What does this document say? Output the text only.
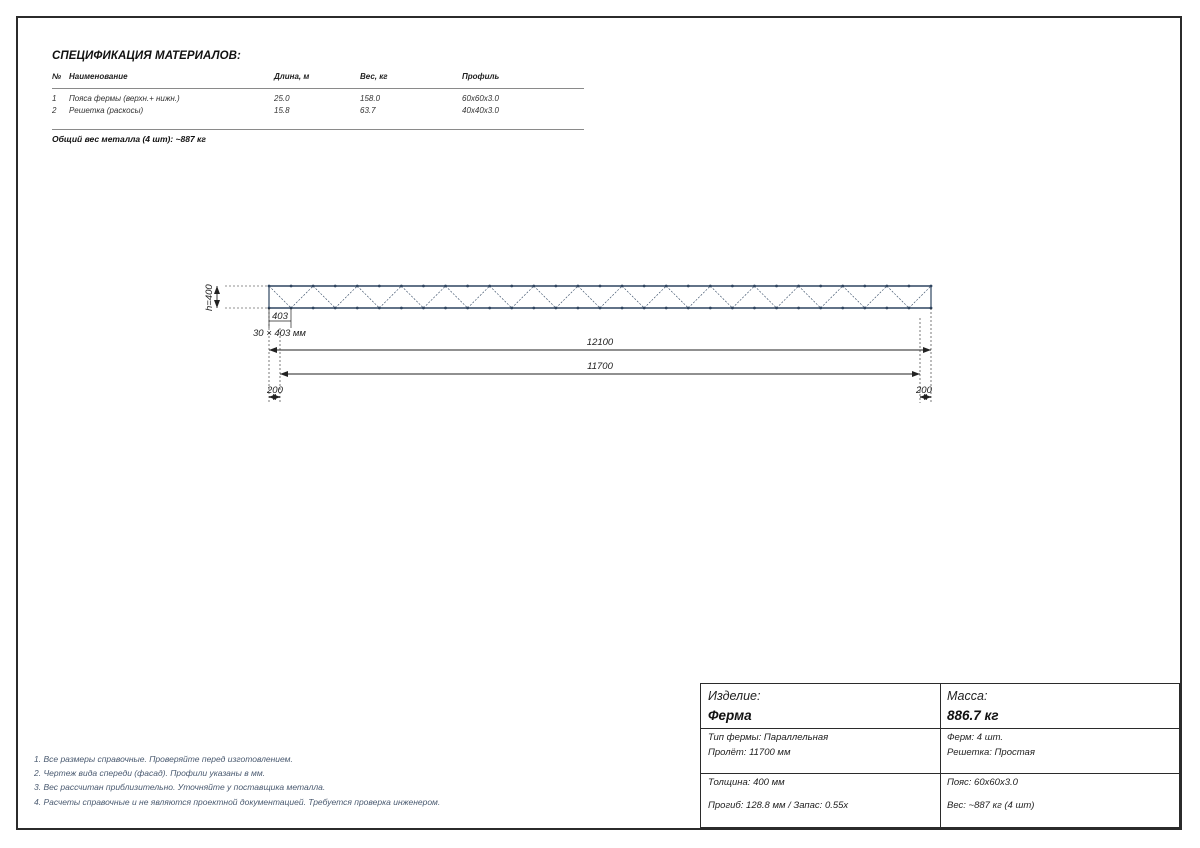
СПЕЦИФИКАЦИЯ МАТЕРИАЛОВ:
№	Наименование	Длина, м	Вес, кг	Профиль
1	Пояса фермы (верхн.+ нижн.)	25.0	158.0	60x60x3.0
2	Решетка (раскосы)	15.8	63.7	40x40x3.0
Общий вес металла (4 шт): ~887 кг
h=400
403
30 × 403 мм
12100
11700
200	200
1. Все размеры справочные. Проверяйте перед изготовлением.
2. Чертеж вида спереди (фасад). Профили указаны в мм.
3. Вес рассчитан приблизительно. Уточняйте у поставщика металла.
4. Расчеты справочные и не являются проектной документацией. Требуется проверка инженером.
Изделие:
Ферма
Масса:
886.7 кг
Тип фермы: Параллельная
Пролёт: 11700 мм
Ферм: 4 шт.
Решетка: Простая
Толщина: 400 мм
Прогиб: 128.8 мм / Запас: 0.55x
Пояс: 60x60x3.0
Вес: ~887 кг (4 шт)
